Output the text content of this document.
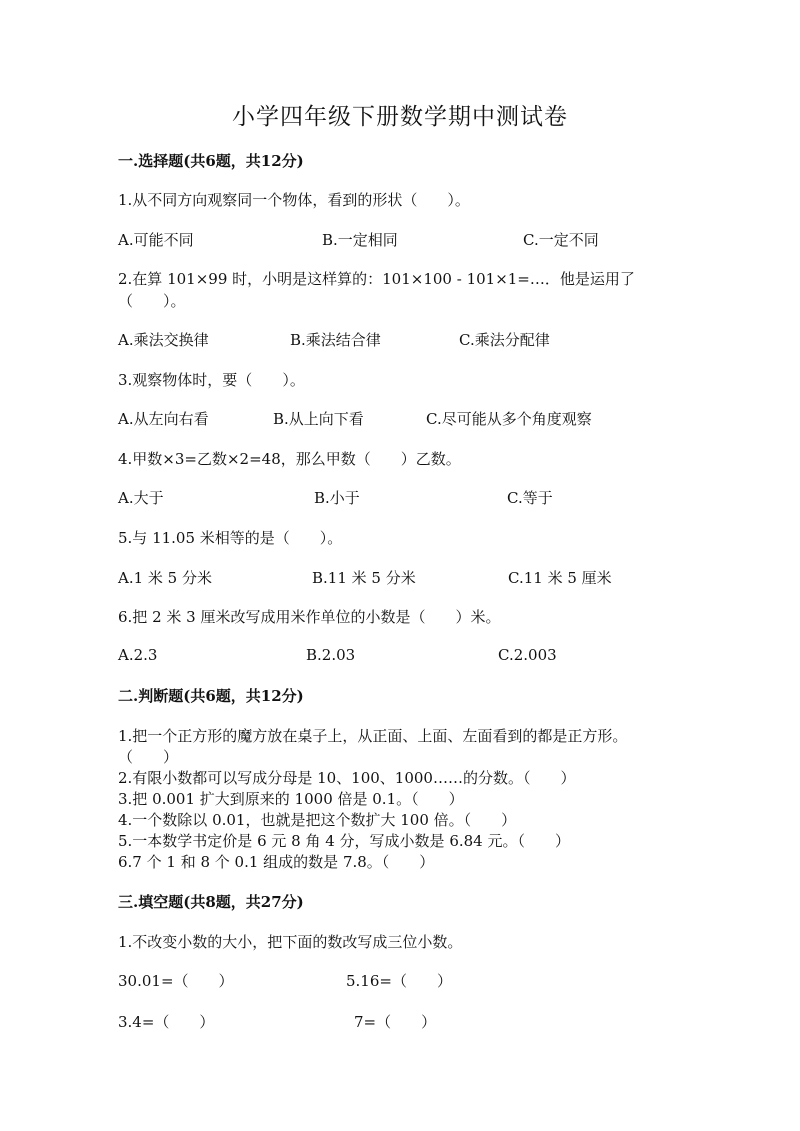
小学四年级下册数学期中测试卷
一.选择题(共6题，共12分)
1.从不同方向观察同一个物体，看到的形状（　　）。
A.可能不同	B.一定相同	C.一定不同
2.在算 101×99 时，小明是这样算的：101×100 - 101×1=…．他是运用了
（　　）。
A.乘法交换律	B.乘法结合律	C.乘法分配律
3.观察物体时，要（　　）。
A.从左向右看	B.从上向下看	C.尽可能从多个角度观察
4.甲数×3=乙数×2=48，那么甲数（　　）乙数。
A.大于	B.小于	C.等于
5.与 11.05 米相等的是（　　）。
A.1 米 5 分米	B.11 米 5 分米	C.11 米 5 厘米
6.把 2 米 3 厘米改写成用米作单位的小数是（　　）米。
A.2.3	B.2.03	C.2.003
二.判断题(共6题，共12分)
1.把一个正方形的魔方放在桌子上，从正面、上面、左面看到的都是正方形。
（　　）
2.有限小数都可以写成分母是 10、100、1000……的分数。（　　）
3.把 0.001 扩大到原来的 1000 倍是 0.1。（　　）
4.一个数除以 0.01，也就是把这个数扩大 100 倍。（　　）
5.一本数学书定价是 6 元 8 角 4 分，写成小数是 6.84 元。（　　）
6.7 个 1 和 8 个 0.1 组成的数是 7.8。（　　）
三.填空题(共8题，共27分)
1.不改变小数的大小，把下面的数改写成三位小数。
30.01=（　　）	5.16=（　　）
3.4=（　　）	7=（　　）
